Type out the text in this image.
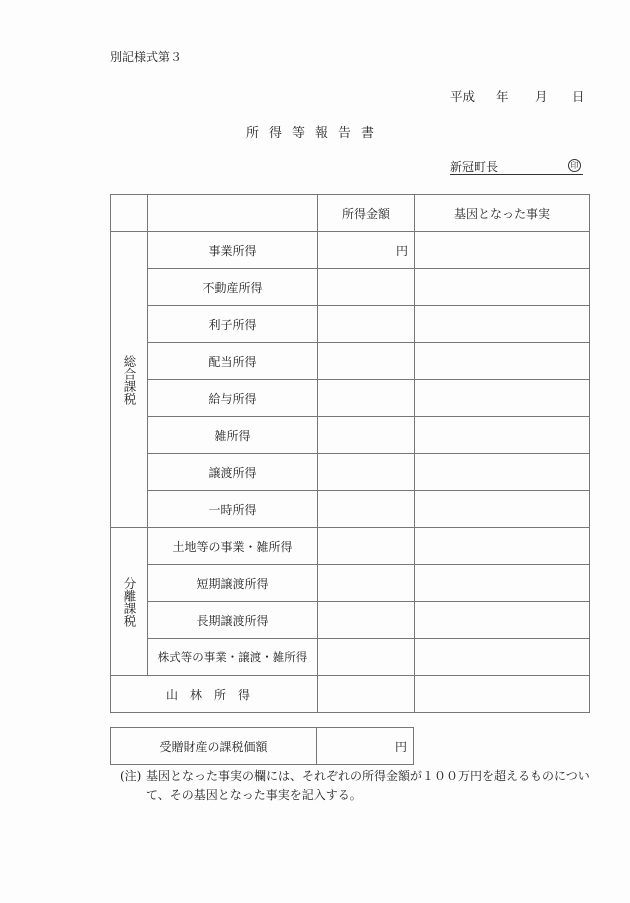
別記様式第３
平成 年 月 日
所得等報告書
新冠町長	印
		所得金額	基因となった事実

総合課税	事業所得	円	
	不動産所得		
	利子所得		
	配当所得		
	給与所得		
	雑所得		
	譲渡所得		
	一時所得		

分離課税	土地等の事業・雑所得		
	短期譲渡所得		
	長期譲渡所得		
	株式等の事業・譲渡・雑所得		
山林所得			
受贈財産の課税価額	円
(注) 基因となった事実の欄には、それぞれの所得金額が１００万円を超えるものについて、その基因となった事実を記入する。
